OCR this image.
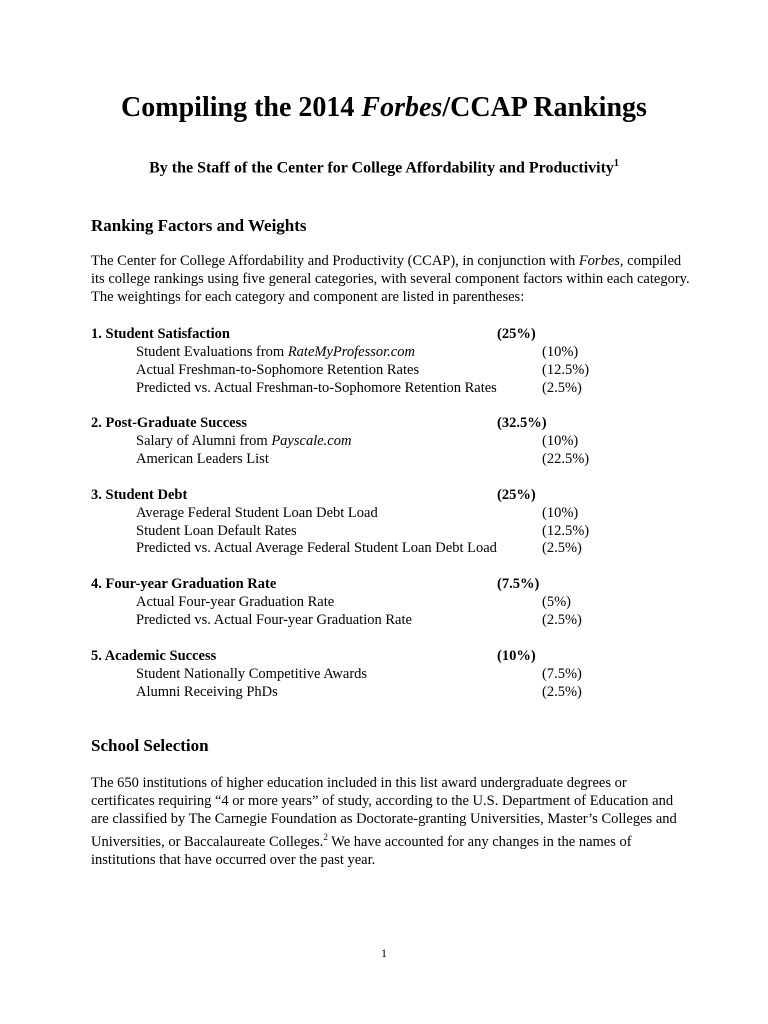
Compiling the 2014 Forbes/CCAP Rankings
By the Staff of the Center for College Affordability and Productivity$^1$
Ranking Factors and Weights
The Center for College Affordability and Productivity (CCAP), in conjunction with Forbes, compiled its college rankings using five general categories, with several component factors within each category. The weightings for each category and component are listed in parentheses:
1. Student Satisfaction	(25%)
Student Evaluations from RateMyProfessor.com	(10%)
Actual Freshman-to-Sophomore Retention Rates	(12.5%)
Predicted vs. Actual Freshman-to-Sophomore Retention Rates	(2.5%)
2. Post-Graduate Success	(32.5%)
Salary of Alumni from Payscale.com	(10%)
American Leaders List	(22.5%)
3. Student Debt	(25%)
Average Federal Student Loan Debt Load	(10%)
Student Loan Default Rates	(12.5%)
Predicted vs. Actual Average Federal Student Loan Debt Load	(2.5%)
4. Four-year Graduation Rate	(7.5%)
Actual Four-year Graduation Rate	(5%)
Predicted vs. Actual Four-year Graduation Rate	(2.5%)
5. Academic Success	(10%)
Student Nationally Competitive Awards	(7.5%)
Alumni Receiving PhDs	(2.5%)
School Selection
The 650 institutions of higher education included in this list award undergraduate degrees or certificates requiring “4 or more years” of study, according to the U.S. Department of Education and are classified by The Carnegie Foundation as Doctorate-granting Universities, Master’s Colleges and Universities, or Baccalaureate Colleges.$^2$ We have accounted for any changes in the names of institutions that have occurred over the past year.
1
